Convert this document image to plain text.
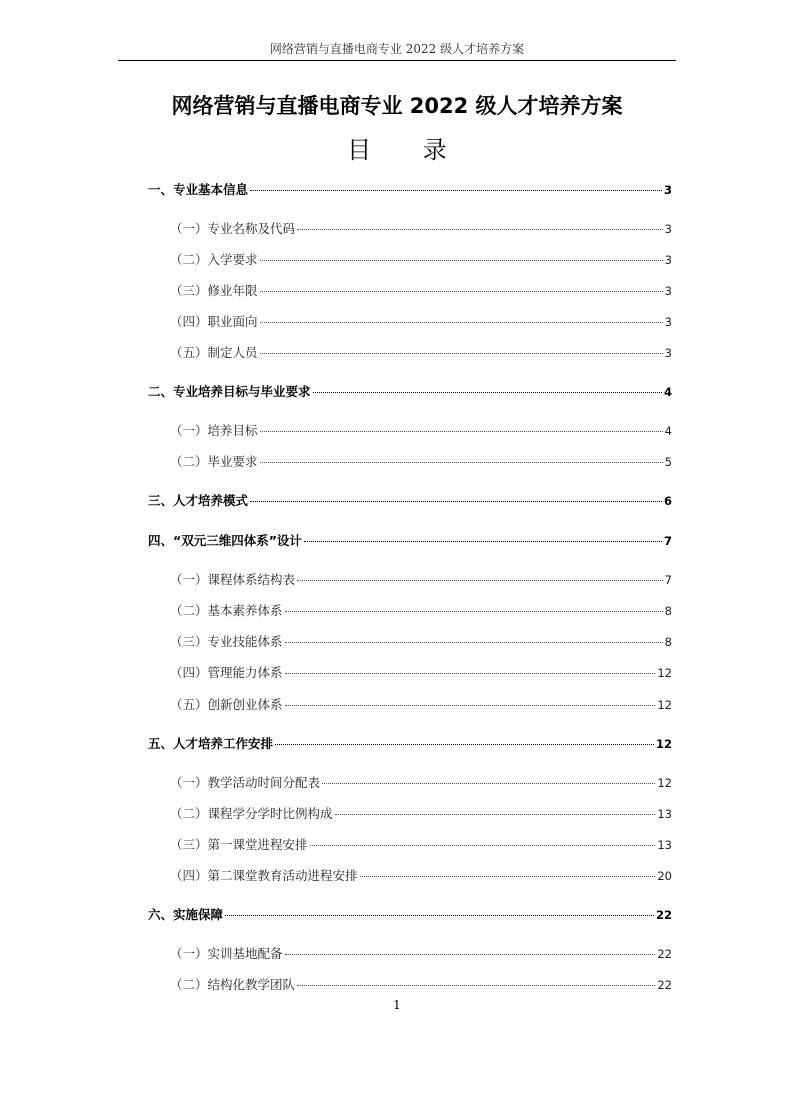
网络营销与直播电商专业 2022 级人才培养方案
网络营销与直播电商专业 2022 级人才培养方案
目 录
一、专业基本信息	3
（一）专业名称及代码	3
（二）入学要求	3
（三）修业年限	3
（四）职业面向	3
（五）制定人员	3
二、专业培养目标与毕业要求	4
（一）培养目标	4
（二）毕业要求	5
三、人才培养模式	6
四、“双元三维四体系”设计	7
（一）课程体系结构表	7
（二）基本素养体系	8
（三）专业技能体系	8
（四）管理能力体系	12
（五）创新创业体系	12
五、人才培养工作安排	12
（一）教学活动时间分配表	12
（二）课程学分学时比例构成	13
（三）第一课堂进程安排	13
（四）第二课堂教育活动进程安排	20
六、实施保障	22
（一）实训基地配备	22
（二）结构化教学团队	22
1
